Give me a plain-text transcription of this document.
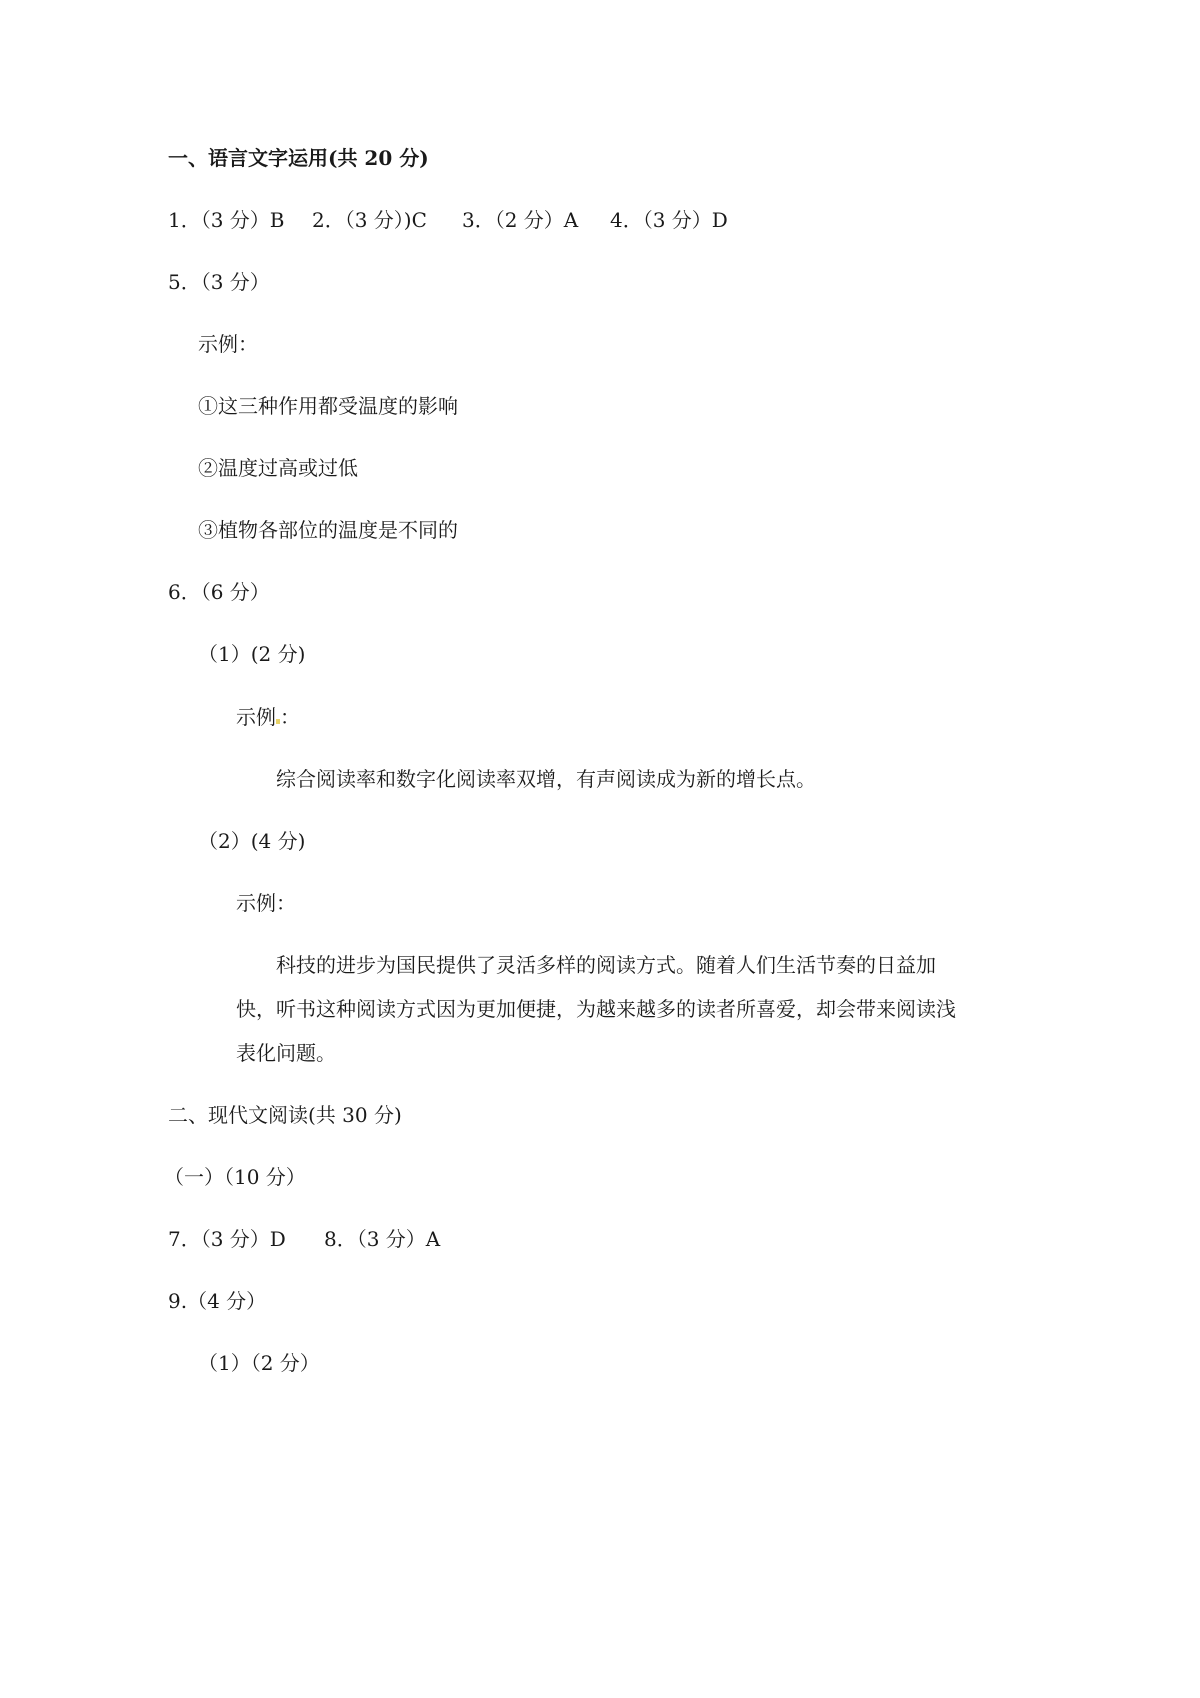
一、语言文字运用(共 20 分)

1．（3 分）B 2．（3 分）)C 3．（2 分）A 4．（3 分）D

5．（3 分）

示例：

①这三种作用都受温度的影响

②温度过高或过低

③植物各部位的温度是不同的

6．（6 分）

（1）(2 分)

示例 ：

综合阅读率和数字化阅读率双增，有声阅读成为新的增长点。

（2）(4 分)

示例：

科技的进步为国民提供了灵活多样的阅读方式。随着人们生活节奏的日益加

快，听书这种阅读方式因为更加便捷，为越来越多的读者所喜爱，却会带来阅读浅

表化问题。

二、现代文阅读(共 30 分)

（一）（10 分）

7．（3 分）D 8．（3 分）A

9.（4 分）

（1）（2 分）
